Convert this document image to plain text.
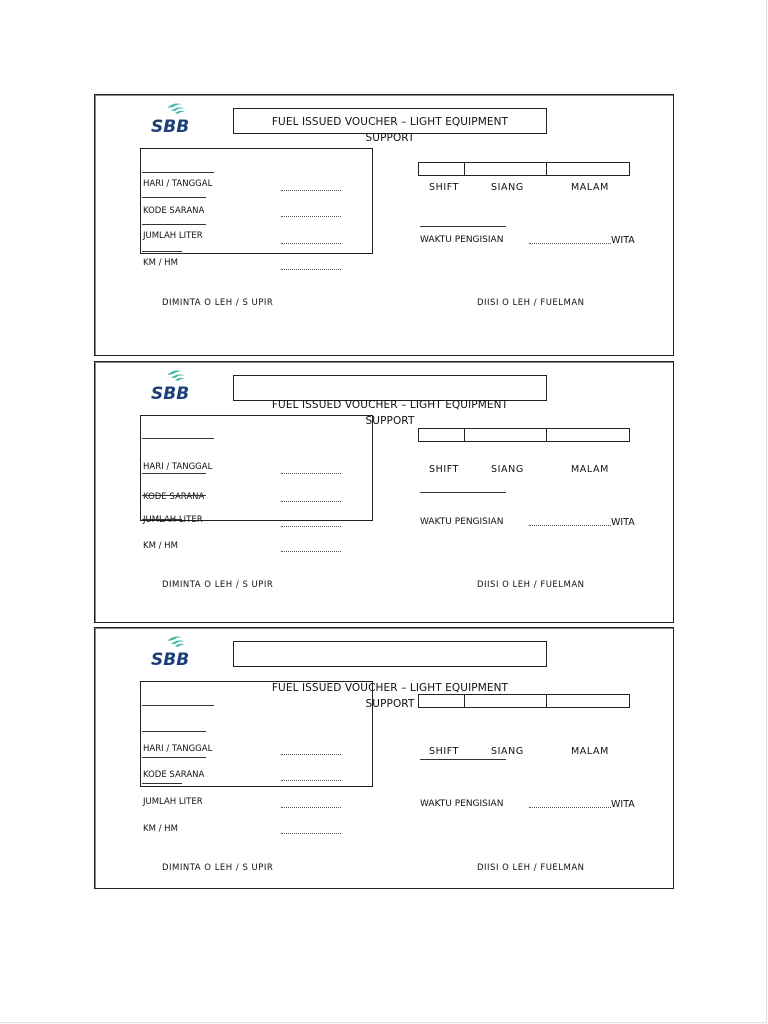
SBB	FUEL ISSUED VOUCHER – LIGHT EQUIPMENT
SUPPORT
HARI / TANGGAL
KODE SARANA
JUMLAH LITER
KM / HM
SHIFT	SIANG	MALAM
WAKTU PENGISIAN	WITA
DIMINTA O LEH / S UPIR	DIISI O LEH / FUELMAN
SBB
FUEL ISSUED VOUCHER – LIGHT EQUIPMENT
SUPPORT
HARI / TANGGAL
KODE SARANA
JUMLAH LITER
KM / HM
SHIFT	SIANG	MALAM
WAKTU PENGISIAN	WITA
DIMINTA O LEH / S UPIR	DIISI O LEH / FUELMAN
SBB
FUEL ISSUED VOUCHER – LIGHT EQUIPMENT
SUPPORT
HARI / TANGGAL
KODE SARANA
JUMLAH LITER
KM / HM
SHIFT	SIANG	MALAM
WAKTU PENGISIAN	WITA
DIMINTA O LEH / S UPIR	DIISI O LEH / FUELMAN
